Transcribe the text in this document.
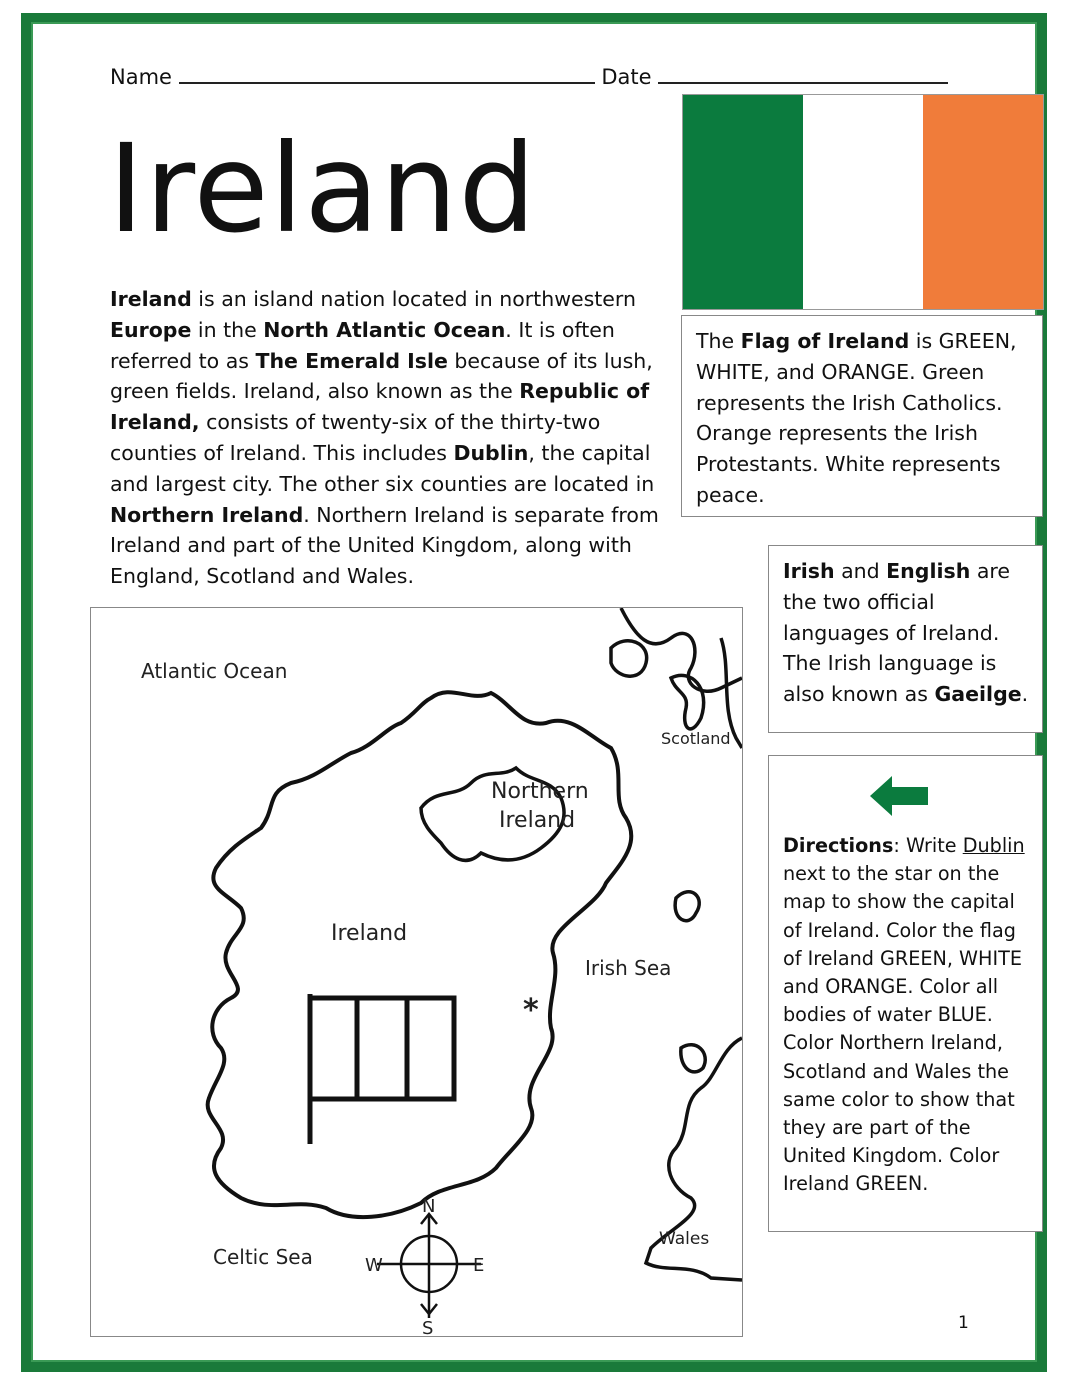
Name	Date
Ireland
Ireland is an island nation located in northwestern Europe in the North Atlantic Ocean. It is often referred to as The Emerald Isle because of its lush, green fields. Ireland, also known as the Republic of Ireland, consists of twenty-six of the thirty-two counties of Ireland. This includes Dublin, the capital and largest city. The other six counties are located in Northern Ireland. Northern Ireland is separate from Ireland and part of the United Kingdom, along with England, Scotland and Wales.
The Flag of Ireland is GREEN, WHITE, and ORANGE. Green represents the Irish Catholics. Orange represents the Irish Protestants. White represents peace.
Irish and English are the two official languages of Ireland. The Irish language is also known as Gaeilge.
Directions: Write Dublin next to the star on the map to show the capital of Ireland. Color the flag of Ireland GREEN, WHITE and ORANGE. Color all bodies of water BLUE. Color Northern Ireland, Scotland and Wales the same color to show that they are part of the United Kingdom. Color Ireland GREEN.
Atlantic Ocean
Scotland
Northern
Ireland
Ireland
Irish Sea
*
Wales
Celtic Sea
N
S
E
W
1
